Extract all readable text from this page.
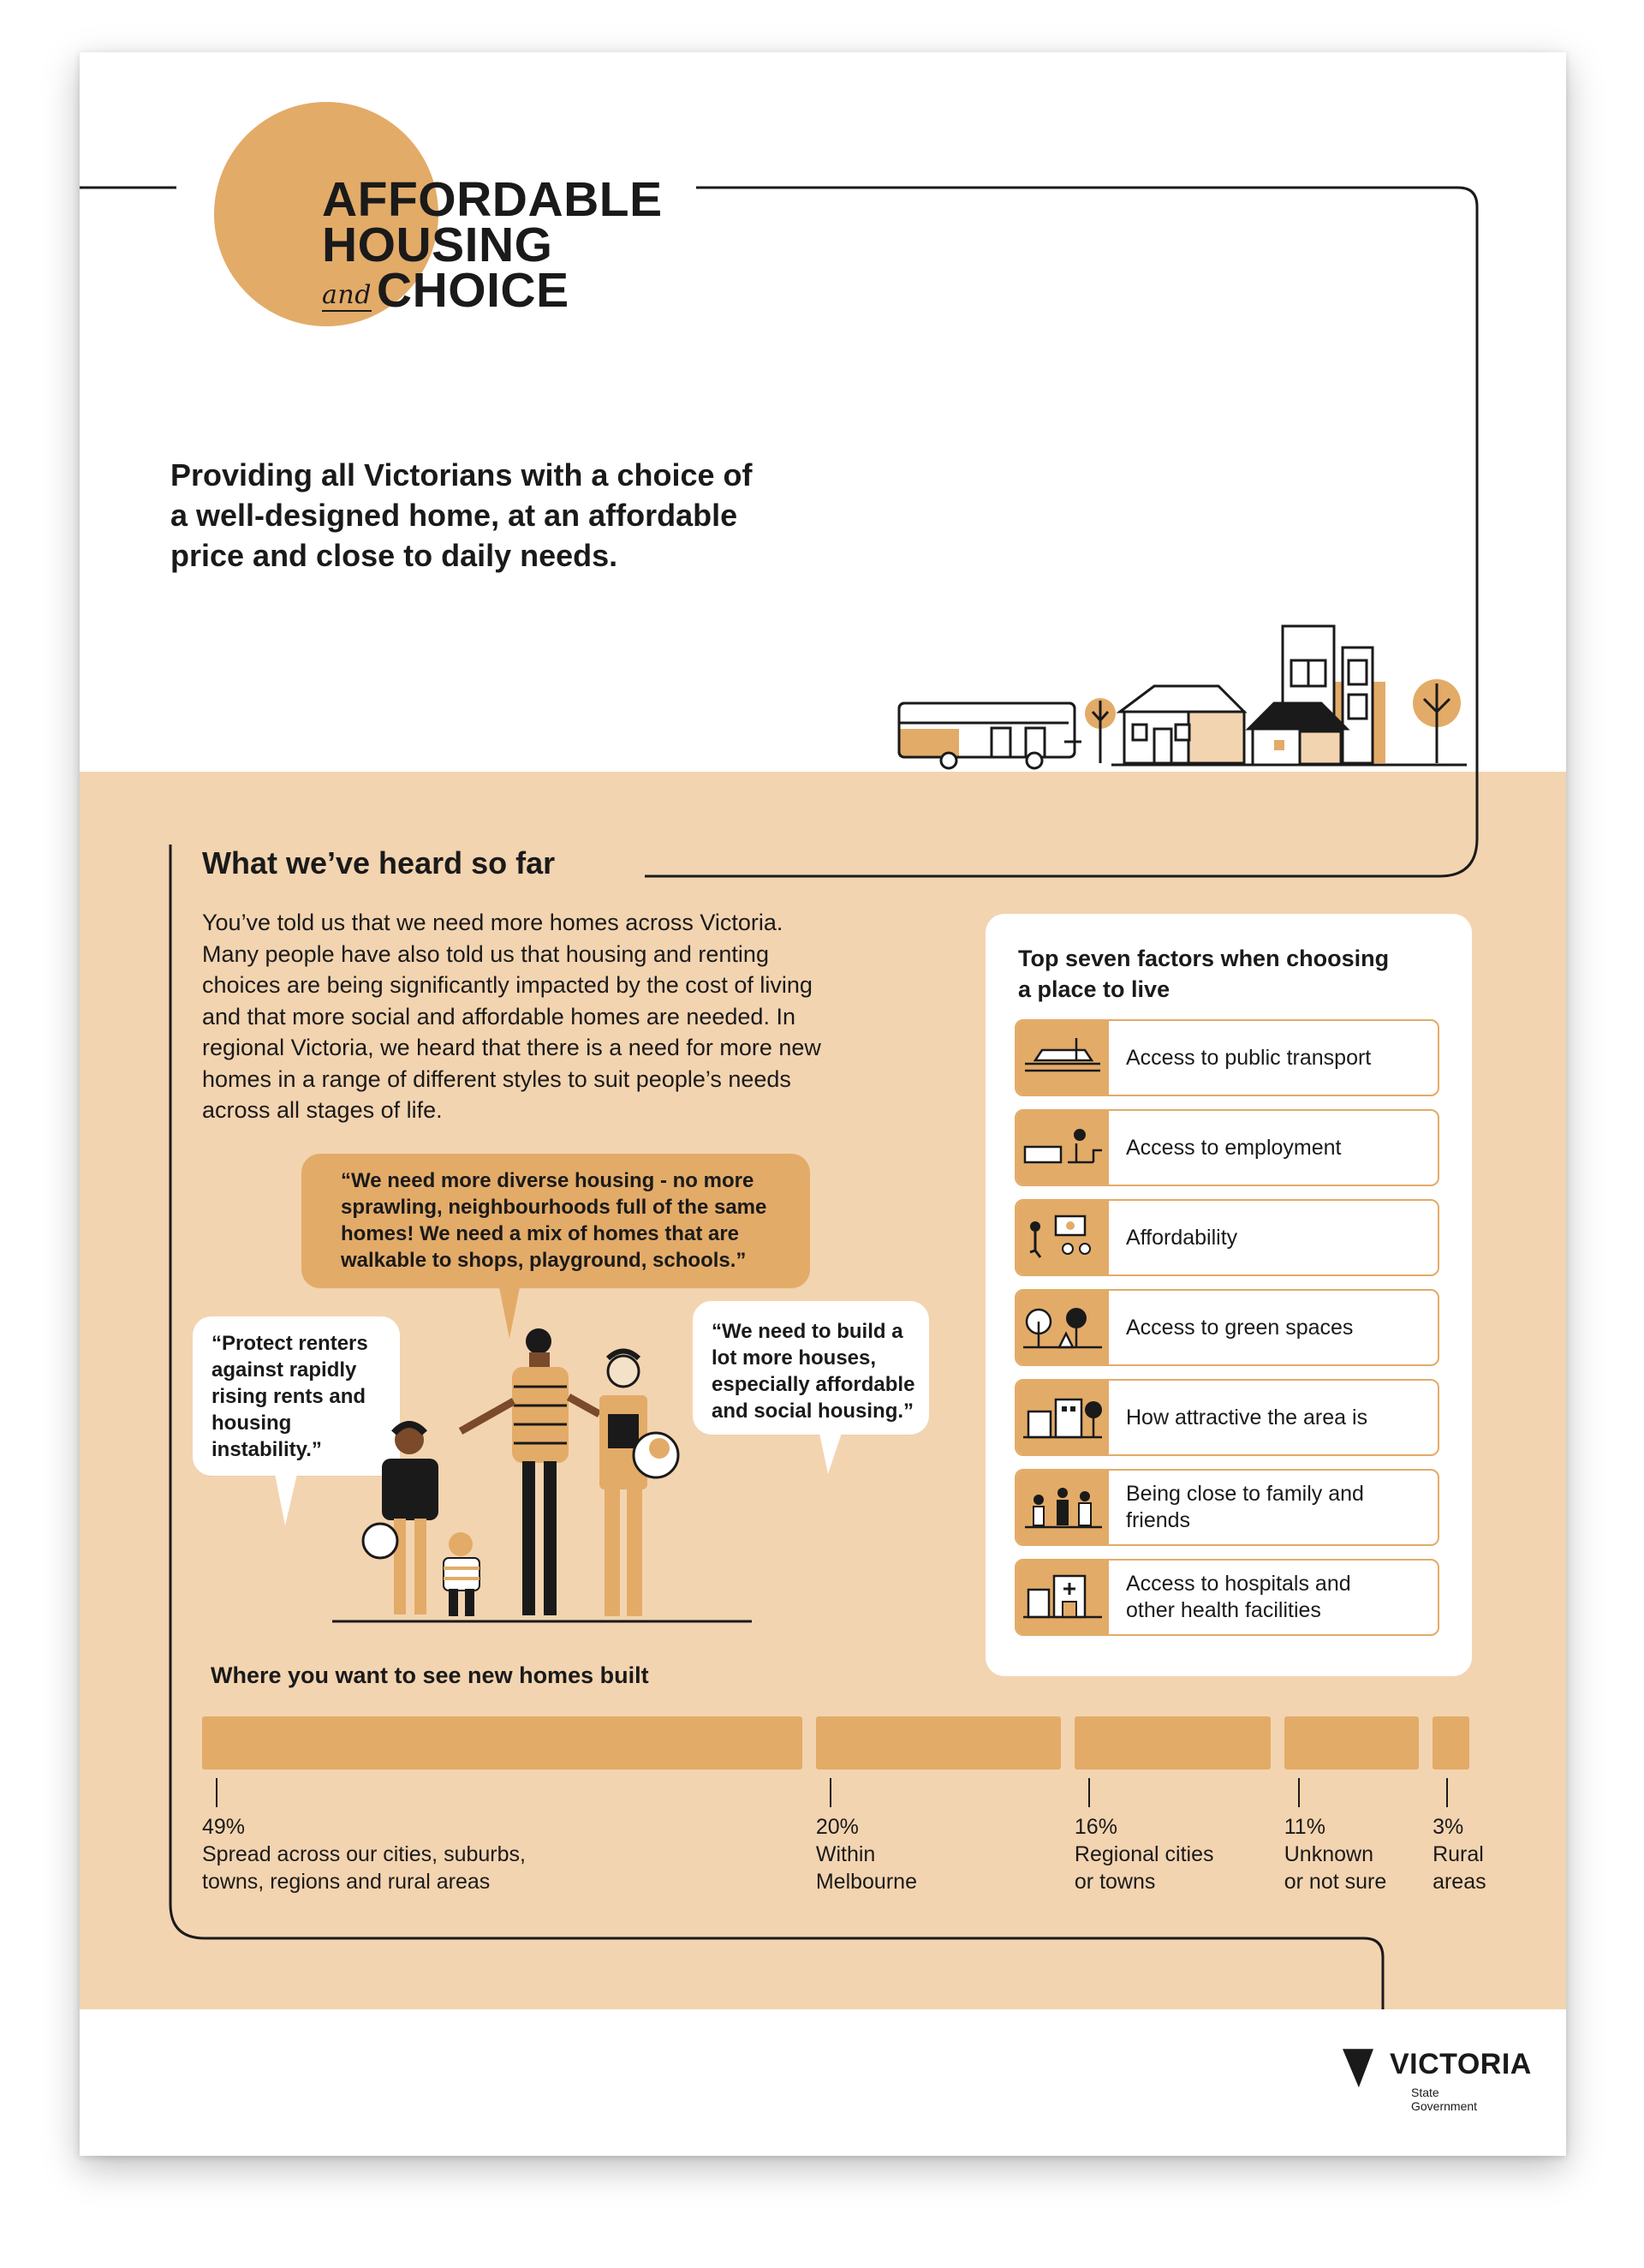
AFFORDABLE
HOUSING
and CHOICE
Providing all Victorians with a choice of
a well-designed home, at an affordable
price and close to daily needs.
What we’ve heard so far
You’ve told us that we need more homes across Victoria.
Many people have also told us that housing and renting
choices are being significantly impacted by the cost of living
and that more social and affordable homes are needed. In
regional Victoria, we heard that there is a need for more new
homes in a range of different styles to suit people’s needs
across all stages of life.
“We need more diverse housing - no more
sprawling, neighbourhoods full of the same
homes! We need a mix of homes that are
walkable to shops, playground, schools.”
“Protect renters
against rapidly
rising rents and
housing
instability.”
“We need to build a
lot more houses,
especially affordable
and social housing.”
Top seven factors when choosing
a place to live
Access to public transport
Access to employment
Affordability
Access to green spaces
How attractive the area is
Being close to family and
friends
Access to hospitals and
other health facilities
Where you want to see new homes built
49%
Spread across our cities, suburbs,
towns, regions and rural areas
20%
Within
Melbourne
16%
Regional cities
or towns
11%
Unknown
or not sure
3%
Rural
areas
VICTORIA
State
Government
